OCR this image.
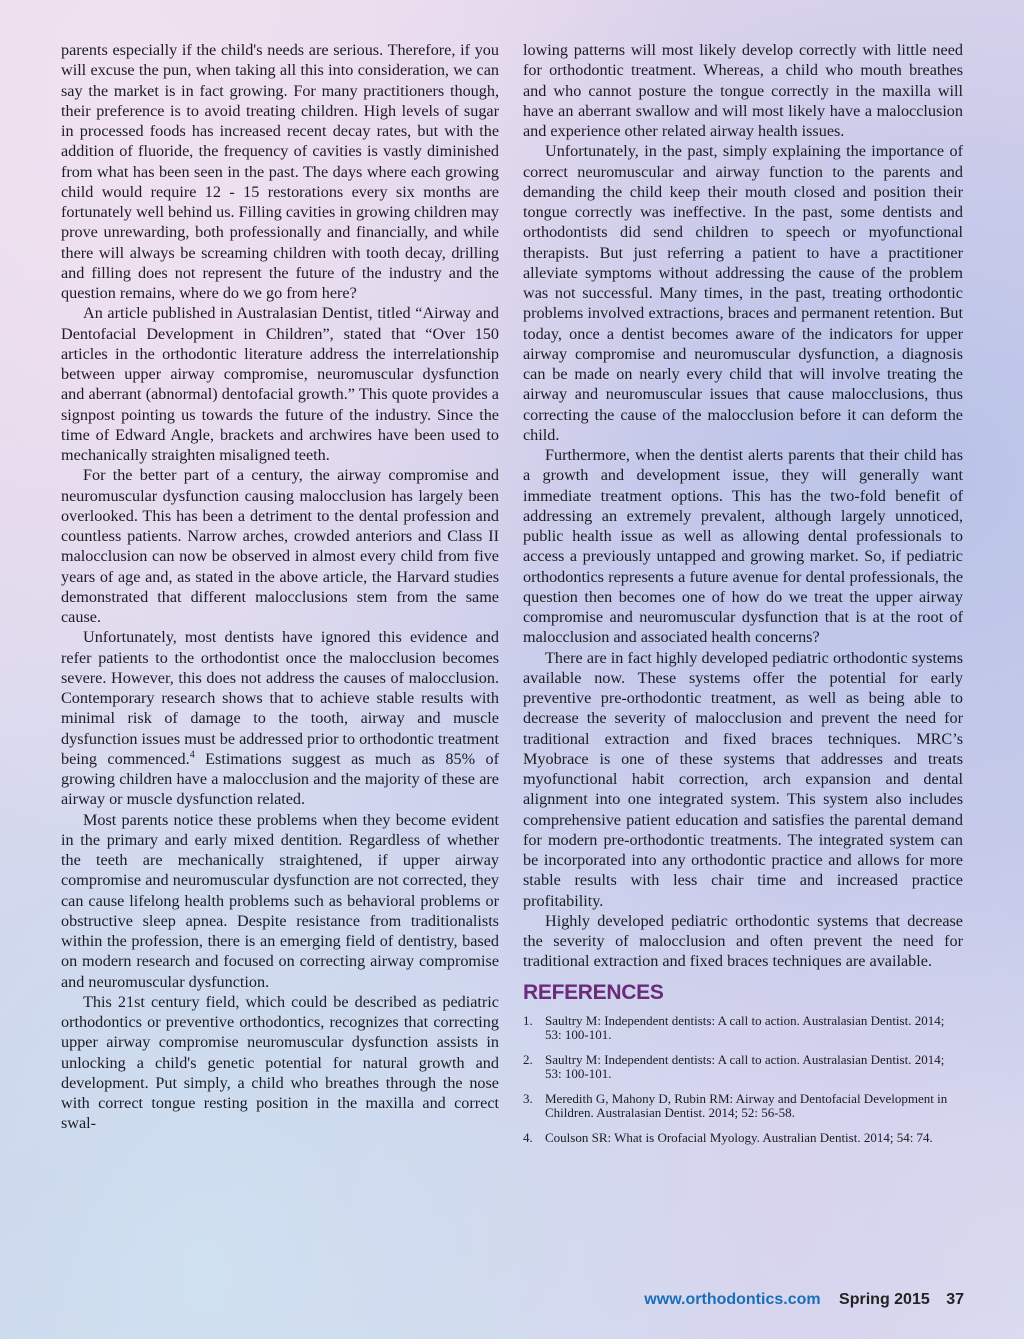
parents especially if the child's needs are serious. Therefore, if you will excuse the pun, when taking all this into consideration, we can say the market is in fact growing. For many practitioners though, their preference is to avoid treating children. High levels of sugar in processed foods has increased recent decay rates, but with the addition of fluoride, the frequency of cavities is vastly diminished from what has been seen in the past. The days where each growing child would require 12 - 15 restorations every six months are fortunately well behind us. Filling cavities in growing children may prove unrewarding, both professionally and financially, and while there will always be screaming children with tooth decay, drilling and filling does not represent the future of the industry and the question remains, where do we go from here?

An article published in Australasian Dentist, titled “Airway and Dentofacial Development in Children”, stated that “Over 150 articles in the orthodontic literature address the interrelationship between upper airway compromise, neuromuscular dysfunction and aberrant (abnormal) dentofacial growth.” This quote provides a signpost pointing us towards the future of the industry. Since the time of Edward Angle, brackets and archwires have been used to mechanically straighten misaligned teeth.

For the better part of a century, the airway compromise and neuromuscular dysfunction causing malocclusion has largely been overlooked. This has been a detriment to the dental profession and countless patients. Narrow arches, crowded anteriors and Class II malocclusion can now be observed in almost every child from five years of age and, as stated in the above article, the Harvard studies demonstrated that different malocclusions stem from the same cause.

Unfortunately, most dentists have ignored this evidence and refer patients to the orthodontist once the malocclusion becomes severe. However, this does not address the causes of malocclusion. Contemporary research shows that to achieve stable results with minimal risk of damage to the tooth, airway and muscle dysfunction issues must be addressed prior to orthodontic treatment being commenced.$^4$ Estimations suggest as much as 85% of growing children have a malocclusion and the majority of these are airway or muscle dysfunction related.

Most parents notice these problems when they become evident in the primary and early mixed dentition. Regardless of whether the teeth are mechanically straightened, if upper airway compromise and neuromuscular dysfunction are not corrected, they can cause lifelong health problems such as behavioral problems or obstructive sleep apnea. Despite resistance from traditionalists within the profession, there is an emerging field of dentistry, based on modern research and focused on correcting airway compromise and neuromuscular dysfunction.

This 21st century field, which could be described as pediatric orthodontics or preventive orthodontics, recognizes that correcting upper airway compromise neuromuscular dysfunction assists in unlocking a child's genetic potential for natural growth and development. Put simply, a child who breathes through the nose with correct tongue resting position in the maxilla and correct swal-

lowing patterns will most likely develop correctly with little need for orthodontic treatment. Whereas, a child who mouth breathes and who cannot posture the tongue correctly in the maxilla will have an aberrant swallow and will most likely have a malocclusion and experience other related airway health issues.

Unfortunately, in the past, simply explaining the importance of correct neuromuscular and airway function to the parents and demanding the child keep their mouth closed and position their tongue correctly was ineffective. In the past, some dentists and orthodontists did send children to speech or myofunctional therapists. But just referring a patient to have a practitioner alleviate symptoms without addressing the cause of the problem was not successful. Many times, in the past, treating orthodontic problems involved extractions, braces and permanent retention. But today, once a dentist becomes aware of the indicators for upper airway compromise and neuromuscular dysfunction, a diagnosis can be made on nearly every child that will involve treating the airway and neuromuscular issues that cause malocclusions, thus correcting the cause of the malocclusion before it can deform the child.

Furthermore, when the dentist alerts parents that their child has a growth and development issue, they will generally want immediate treatment options. This has the two-fold benefit of addressing an extremely prevalent, although largely unnoticed, public health issue as well as allowing dental professionals to access a previously untapped and growing market. So, if pediatric orthodontics represents a future avenue for dental professionals, the question then becomes one of how do we treat the upper airway compromise and neuromuscular dysfunction that is at the root of malocclusion and associated health concerns?

There are in fact highly developed pediatric orthodontic systems available now. These systems offer the potential for early preventive pre-orthodontic treatment, as well as being able to decrease the severity of malocclusion and prevent the need for traditional extraction and fixed braces techniques. MRC’s Myobrace is one of these systems that addresses and treats myofunctional habit correction, arch expansion and dental alignment into one integrated system. This system also includes comprehensive patient education and satisfies the parental demand for modern pre-orthodontic treatments. The integrated system can be incorporated into any orthodontic practice and allows for more stable results with less chair time and increased practice profitability.

Highly developed pediatric orthodontic systems that decrease the severity of malocclusion and often prevent the need for traditional extraction and fixed braces techniques are available.

REFERENCES
1. Saultry M: Independent dentists: A call to action. Australasian Dentist. 2014; 53: 100-101.
2. Saultry M: Independent dentists: A call to action. Australasian Dentist. 2014; 53: 100-101.
3. Meredith G, Mahony D, Rubin RM: Airway and Dentofacial Development in Children. Australasian Dentist. 2014; 52: 56-58.
4. Coulson SR: What is Orofacial Myology. Australian Dentist. 2014; 54: 74.
www.orthodontics.com Spring 2015 37
